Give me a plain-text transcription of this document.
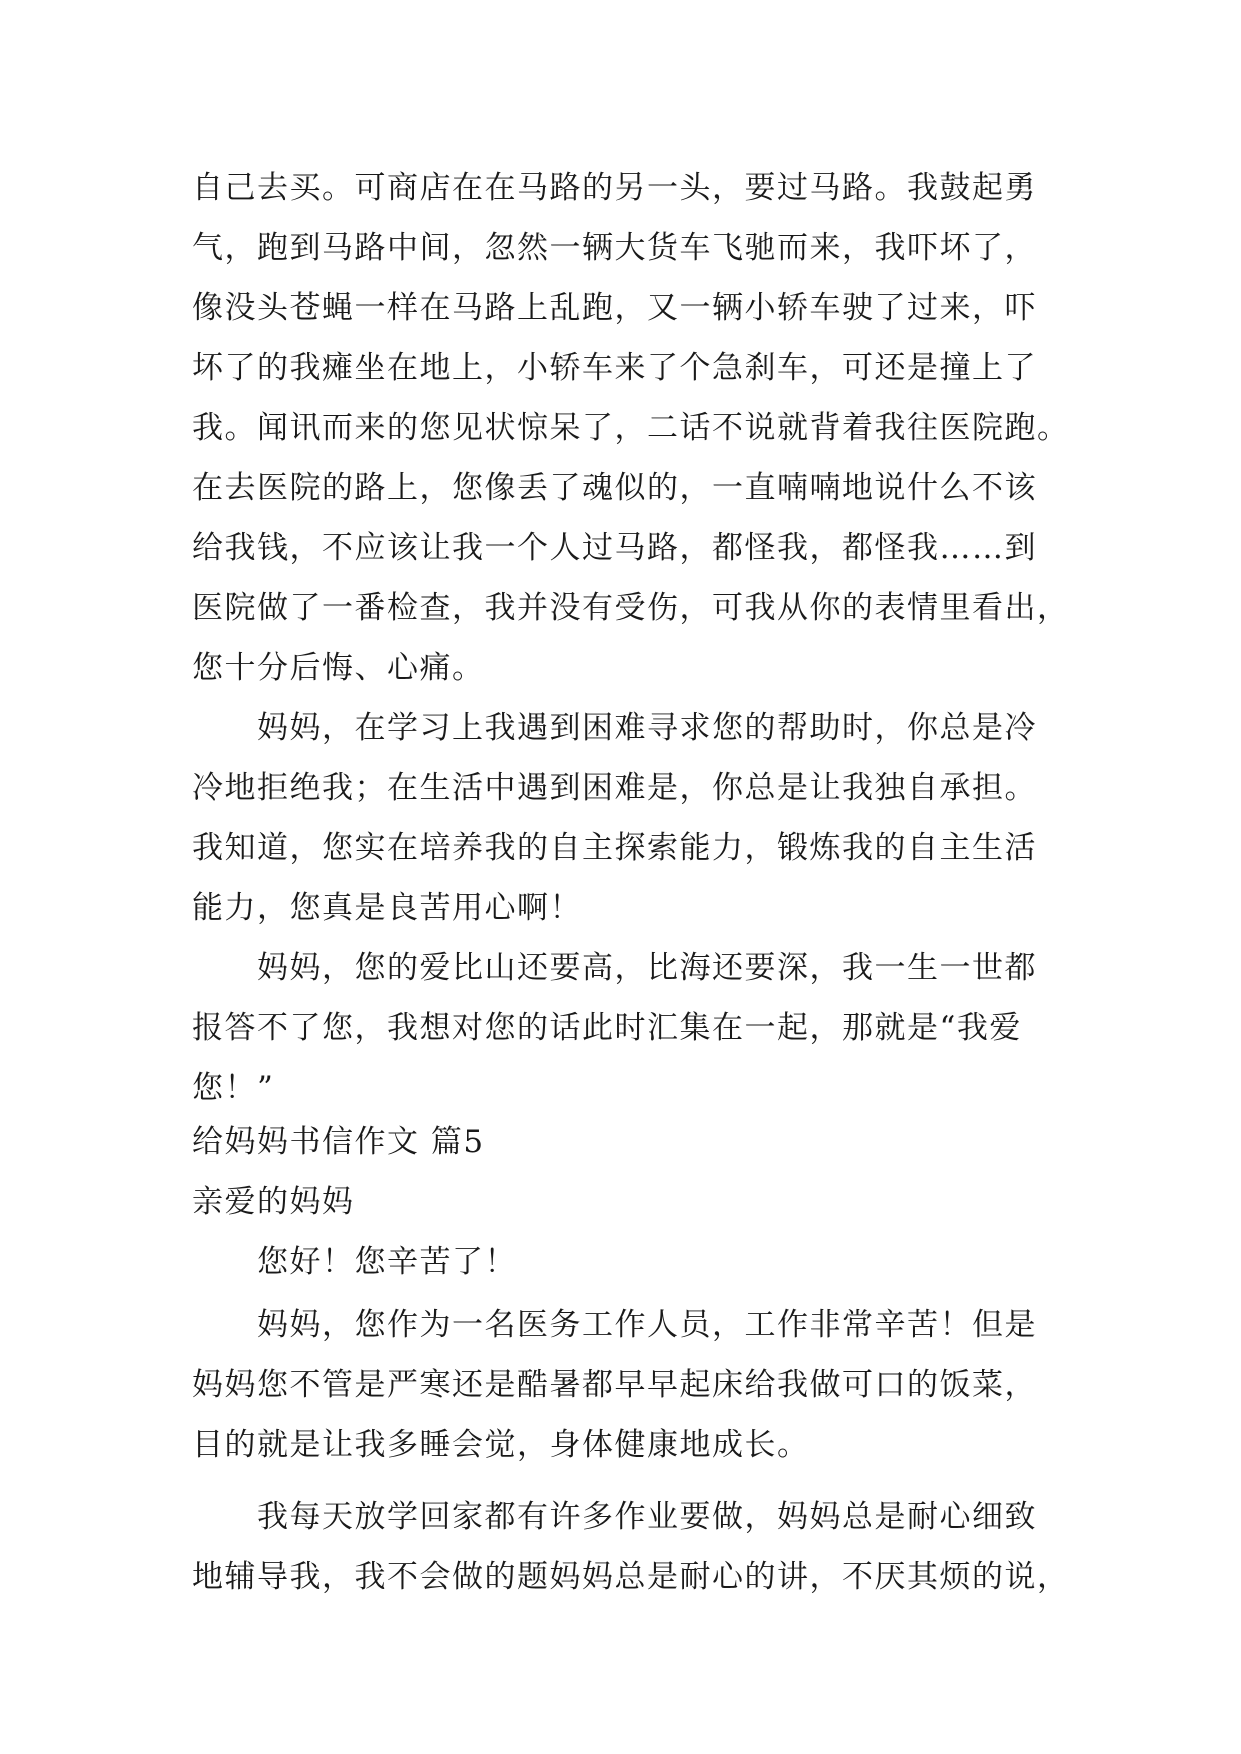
自己去买。可商店在在马路的另一头，要过马路。我鼓起勇
气，跑到马路中间，忽然一辆大货车飞驰而来，我吓坏了，
像没头苍蝇一样在马路上乱跑，又一辆小轿车驶了过来，吓
坏了的我瘫坐在地上，小轿车来了个急刹车，可还是撞上了
我。闻讯而来的您见状惊呆了，二话不说就背着我往医院跑。
在去医院的路上，您像丢了魂似的，一直喃喃地说什么不该
给我钱，不应该让我一个人过马路，都怪我，都怪我……到
医院做了一番检查，我并没有受伤，可我从你的表情里看出，
您十分后悔、心痛。
妈妈，在学习上我遇到困难寻求您的帮助时，你总是冷
冷地拒绝我；在生活中遇到困难是，你总是让我独自承担。
我知道，您实在培养我的自主探索能力，锻炼我的自主生活
能力，您真是良苦用心啊！
妈妈，您的爱比山还要高，比海还要深，我一生一世都
报答不了您，我想对您的话此时汇集在一起，那就是“我爱
您！”
给妈妈书信作文 篇5
亲爱的妈妈
您好！您辛苦了！
妈妈，您作为一名医务工作人员，工作非常辛苦！但是
妈妈您不管是严寒还是酷暑都早早起床给我做可口的饭菜，
目的就是让我多睡会觉，身体健康地成长。
我每天放学回家都有许多作业要做，妈妈总是耐心细致
地辅导我，我不会做的题妈妈总是耐心的讲，不厌其烦的说，
